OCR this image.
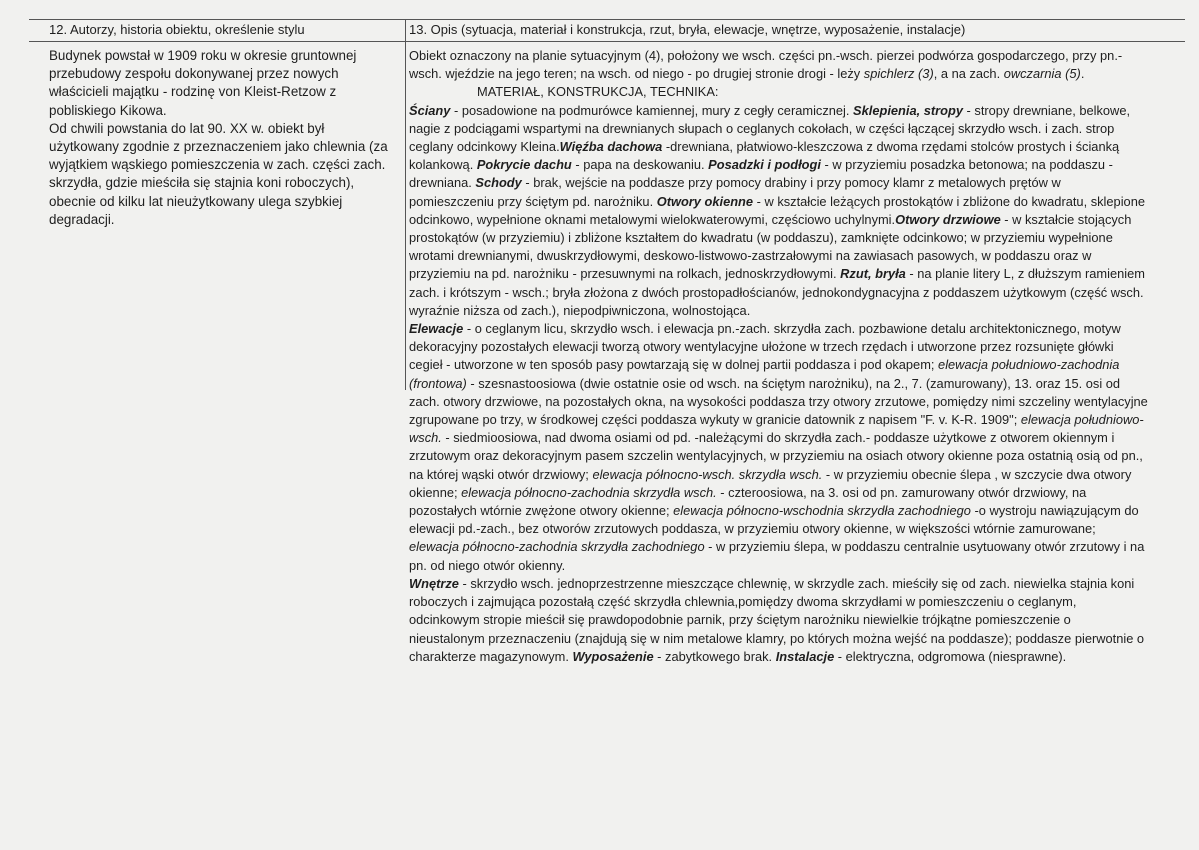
12. Autorzy, historia obiektu, określenie stylu	13. Opis (sytuacja, materiał i konstrukcja, rzut, bryła, elewacje, wnętrze, wyposażenie, instalacje)

Budynek powstał w 1909 roku w okresie gruntownej przebudowy zespołu dokonywanej przez nowych właścicieli majątku - rodzinę von Kleist-Retzow z pobliskiego Kikowa.

Od chwili powstania do lat 90. XX w. obiekt był użytkowany zgodnie z przeznaczeniem jako chlewnia (za wyjątkiem wąskiego pomieszczenia w zach. części zach. skrzydła, gdzie mieściła się stajnia koni roboczych), obecnie od kilku lat nieużytkowany ulega szybkiej degradacji.

Obiekt oznaczony na planie sytuacyjnym (4), położony we wsch. części pn.-wsch. pierzei podwórza gospodarczego, przy pn.-wsch. wjeździe na jego teren; na wsch. od niego - po drugiej stronie drogi - leży spichlerz (3), a na zach. owczarnia (5).

MATERIAŁ, KONSTRUKCJA, TECHNIKA:

Ściany - posadowione na podmurówce kamiennej, mury z cegły ceramicznej. Sklepienia, stropy - stropy drewniane, belkowe, nagie z podciągami wspartymi na drewnianych słupach o ceglanych cokołach, w części łączącej skrzydło wsch. i zach. strop ceglany odcinkowy Kleina.Więźba dachowa -drewniana, płatwiowo-kleszczowa z dwoma rzędami stolców prostych i ścianką kolankową. Pokrycie dachu - papa na deskowaniu. Posadzki i podłogi - w przyziemiu posadzka betonowa; na poddaszu - drewniana. Schody - brak, wejście na poddasze przy pomocy drabiny i przy pomocy klamr z metalowych prętów w pomieszczeniu przy ściętym pd. narożniku. Otwory okienne - w kształcie leżących prostokątów i zbliżone do kwadratu, sklepione odcinkowo, wypełnione oknami metalowymi wielokwaterowymi, częściowo uchylnymi.Otwory drzwiowe - w kształcie stojących prostokątów (w przyziemiu) i zbliżone kształtem do kwadratu (w poddaszu), zamknięte odcinkowo; w przyziemiu wypełnione wrotami drewnianymi, dwuskrzydłowymi, deskowo-listwowo-zastrzałowymi na zawiasach pasowych, w poddaszu oraz w przyziemiu na pd. narożniku - przesuwnymi na rolkach, jednoskrzydłowymi. Rzut, bryła - na planie litery L, z dłuższym ramieniem zach. i krótszym - wsch.; bryła złożona z dwóch prostopadłościanów, jednokondygnacyjna z poddaszem użytkowym (część wsch. wyraźnie niższa od zach.), niepodpiwniczona, wolnostojąca.

Elewacje - o ceglanym licu, skrzydło wsch. i elewacja pn.-zach. skrzydła zach. pozbawione detalu architektonicznego, motyw dekoracyjny pozostałych elewacji tworzą otwory wentylacyjne ułożone w trzech rzędach i utworzone przez rozsunięte główki cegieł - utworzone w ten sposób pasy powtarzają się w dolnej partii poddasza i pod okapem; elewacja południowo-zachodnia (frontowa) - szesnastoosiowa (dwie ostatnie osie od wsch. na ściętym narożniku), na 2., 7. (zamurowany), 13. oraz 15. osi od zach. otwory drzwiowe, na pozostałych okna, na wysokości poddasza trzy otwory zrzutowe, pomiędzy nimi szczeliny wentylacyjne zgrupowane po trzy, w środkowej części poddasza wykuty w granicie datownik z napisem "F. v. K-R. 1909"; elewacja południowo-wsch. - siedmioosiowa, nad dwoma osiami od pd. -należącymi do skrzydła zach.- poddasze użytkowe z otworem okiennym i zrzutowym oraz dekoracyjnym pasem szczelin wentylacyjnych, w przyziemiu na osiach otwory okienne poza ostatnią osią od pn., na której wąski otwór drzwiowy; elewacja północno-wsch. skrzydła wsch. - w przyziemiu obecnie ślepa , w szczycie dwa otwory okienne; elewacja północno-zachodnia skrzydła wsch. - czteroosiowa, na 3. osi od pn. zamurowany otwór drzwiowy, na pozostałych wtórnie zwężone otwory okienne; elewacja północno-wschodnia skrzydła zachodniego -o wystroju nawiązującym do elewacji pd.-zach., bez otworów zrzutowych poddasza, w przyziemiu otwory okienne, w większości wtórnie zamurowane; elewacja północno-zachodnia skrzydła zachodniego - w przyziemiu ślepa, w poddaszu centralnie usytuowany otwór zrzutowy i na pn. od niego otwór okienny.

Wnętrze - skrzydło wsch. jednoprzestrzenne mieszczące chlewnię, w skrzydle zach. mieściły się od zach. niewielka stajnia koni roboczych i zajmująca pozostałą część skrzydła chlewnia,pomiędzy dwoma skrzydłami w pomieszczeniu o ceglanym, odcinkowym stropie mieścił się prawdopodobnie parnik, przy ściętym narożniku niewielkie trójkątne pomieszczenie o nieustalonym przeznaczeniu (znajdują się w nim metalowe klamry, po których można wejść na poddasze); poddasze pierwotnie o charakterze magazynowym. Wyposażenie - zabytkowego brak. Instalacje - elektryczna, odgromowa (niesprawne).
